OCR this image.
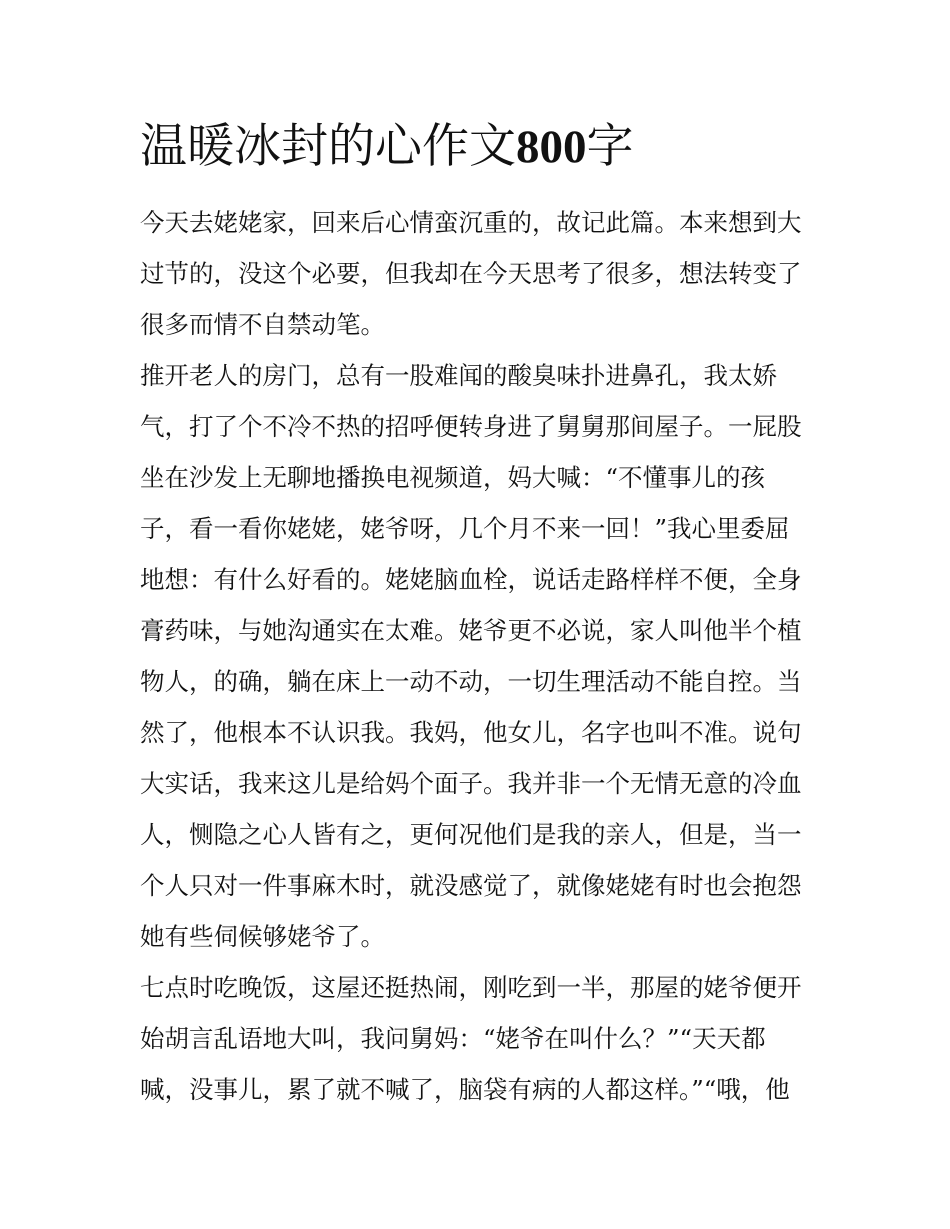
温暖冰封的心作文800字
今天去姥姥家，回来后心情蛮沉重的，故记此篇。本来想到大
过节的，没这个必要，但我却在今天思考了很多，想法转变了
很多而情不自禁动笔。
推开老人的房门，总有一股难闻的酸臭味扑进鼻孔，我太娇
气，打了个不冷不热的招呼便转身进了舅舅那间屋子。一屁股
坐在沙发上无聊地播换电视频道，妈大喊：“不懂事儿的孩
子，看一看你姥姥，姥爷呀，几个月不来一回！”我心里委屈
地想：有什么好看的。姥姥脑血栓，说话走路样样不便，全身
膏药味，与她沟通实在太难。姥爷更不必说，家人叫他半个植
物人，的确，躺在床上一动不动，一切生理活动不能自控。当
然了，他根本不认识我。我妈，他女儿，名字也叫不准。说句
大实话，我来这儿是给妈个面子。我并非一个无情无意的冷血
人，恻隐之心人皆有之，更何况他们是我的亲人，但是，当一
个人只对一件事麻木时，就没感觉了，就像姥姥有时也会抱怨
她有些伺候够姥爷了。
七点时吃晚饭，这屋还挺热闹，刚吃到一半，那屋的姥爷便开
始胡言乱语地大叫，我问舅妈：“姥爷在叫什么？”“天天都
喊，没事儿，累了就不喊了，脑袋有病的人都这样。”“哦，他
